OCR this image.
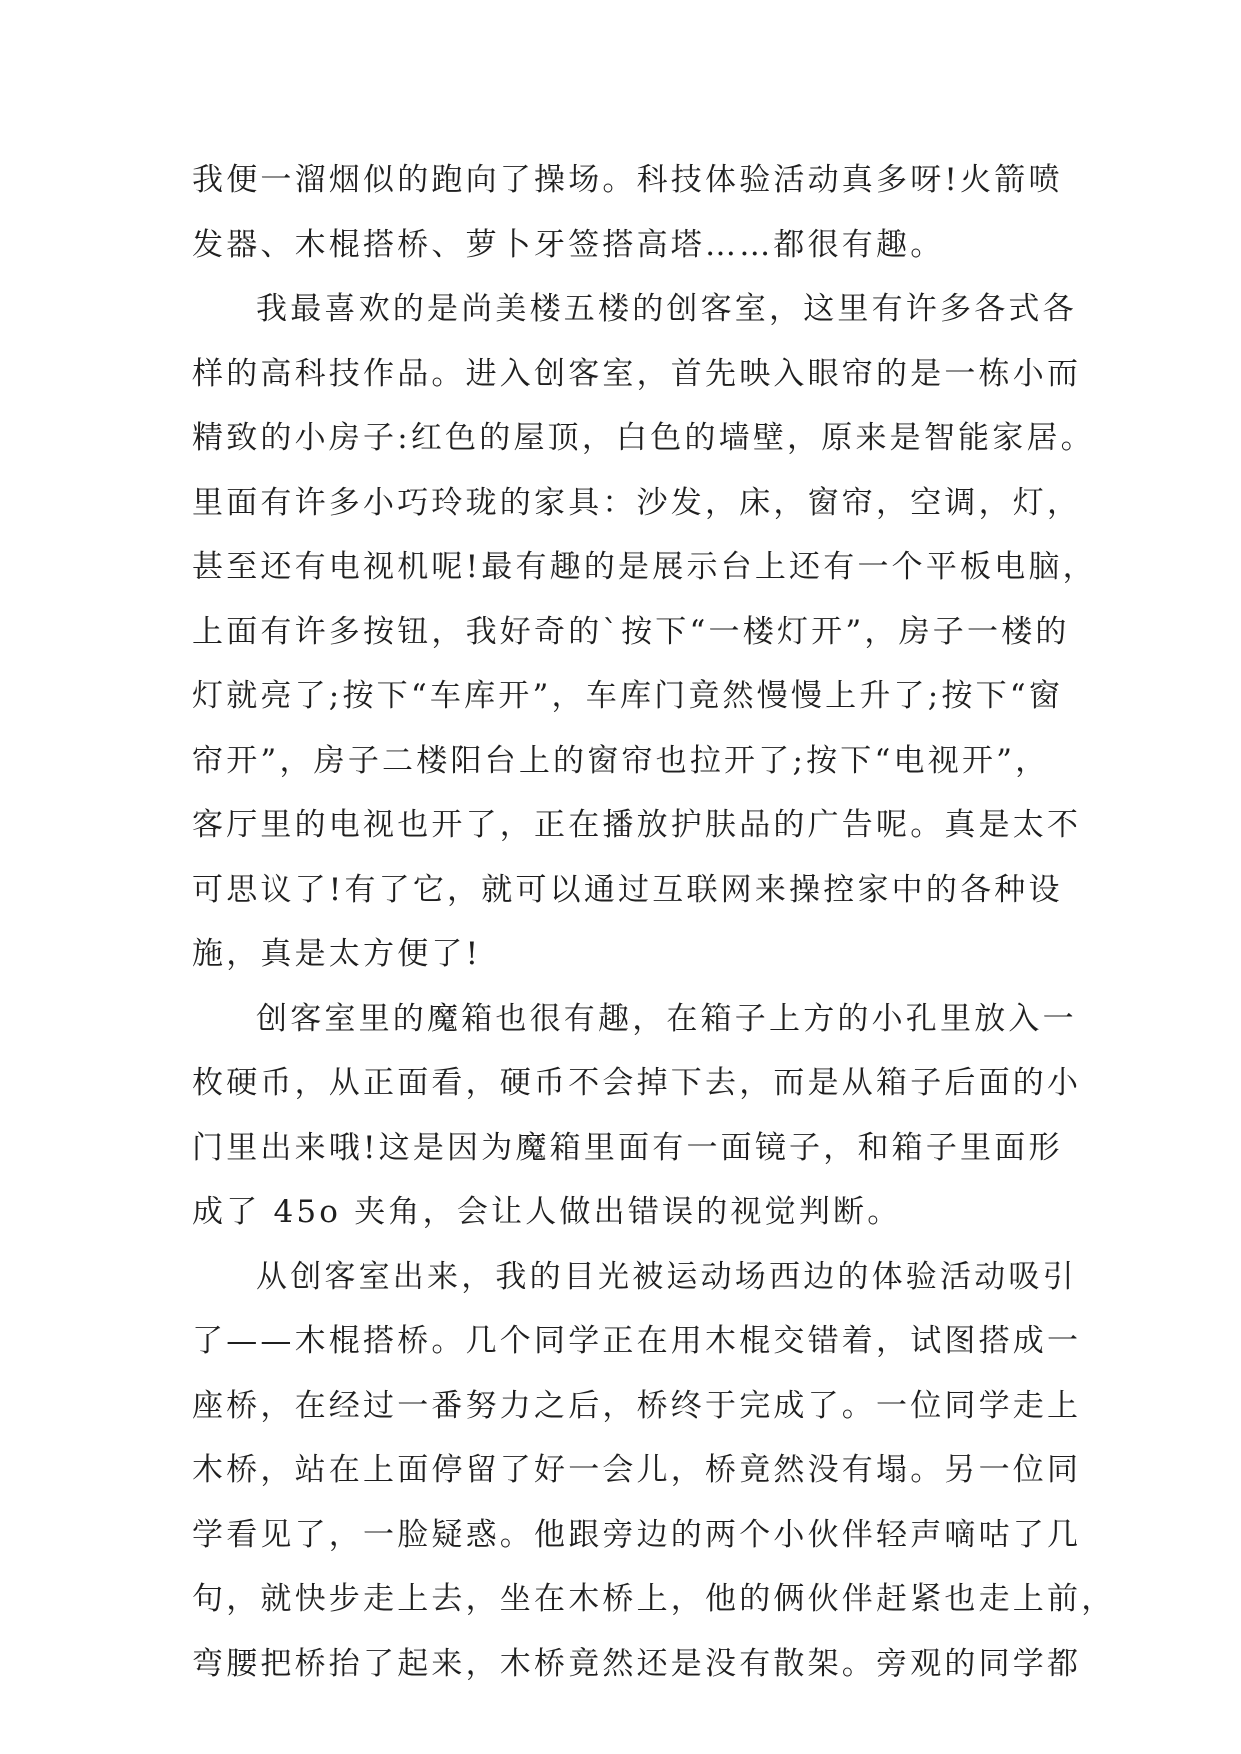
我便一溜烟似的跑向了操场。科技体验活动真多呀!火箭喷
发器、木棍搭桥、萝卜牙签搭高塔……都很有趣。
我最喜欢的是尚美楼五楼的创客室，这里有许多各式各
样的高科技作品。进入创客室，首先映入眼帘的是一栋小而
精致的小房子:红色的屋顶，白色的墙壁，原来是智能家居。
里面有许多小巧玲珑的家具：沙发，床，窗帘，空调，灯，
甚至还有电视机呢!最有趣的是展示台上还有一个平板电脑，
上面有许多按钮，我好奇的`按下“一楼灯开”，房子一楼的
灯就亮了;按下“车库开”，车库门竟然慢慢上升了;按下“窗
帘开”，房子二楼阳台上的窗帘也拉开了;按下“电视开”，
客厅里的电视也开了，正在播放护肤品的广告呢。真是太不
可思议了!有了它，就可以通过互联网来操控家中的各种设
施，真是太方便了!
创客室里的魔箱也很有趣，在箱子上方的小孔里放入一
枚硬币，从正面看，硬币不会掉下去，而是从箱子后面的小
门里出来哦!这是因为魔箱里面有一面镜子，和箱子里面形
成了 45o 夹角，会让人做出错误的视觉判断。
从创客室出来，我的目光被运动场西边的体验活动吸引
了——木棍搭桥。几个同学正在用木棍交错着，试图搭成一
座桥，在经过一番努力之后，桥终于完成了。一位同学走上
木桥，站在上面停留了好一会儿，桥竟然没有塌。另一位同
学看见了，一脸疑惑。他跟旁边的两个小伙伴轻声嘀咕了几
句，就快步走上去，坐在木桥上，他的俩伙伴赶紧也走上前，
弯腰把桥抬了起来，木桥竟然还是没有散架。旁观的同学都
